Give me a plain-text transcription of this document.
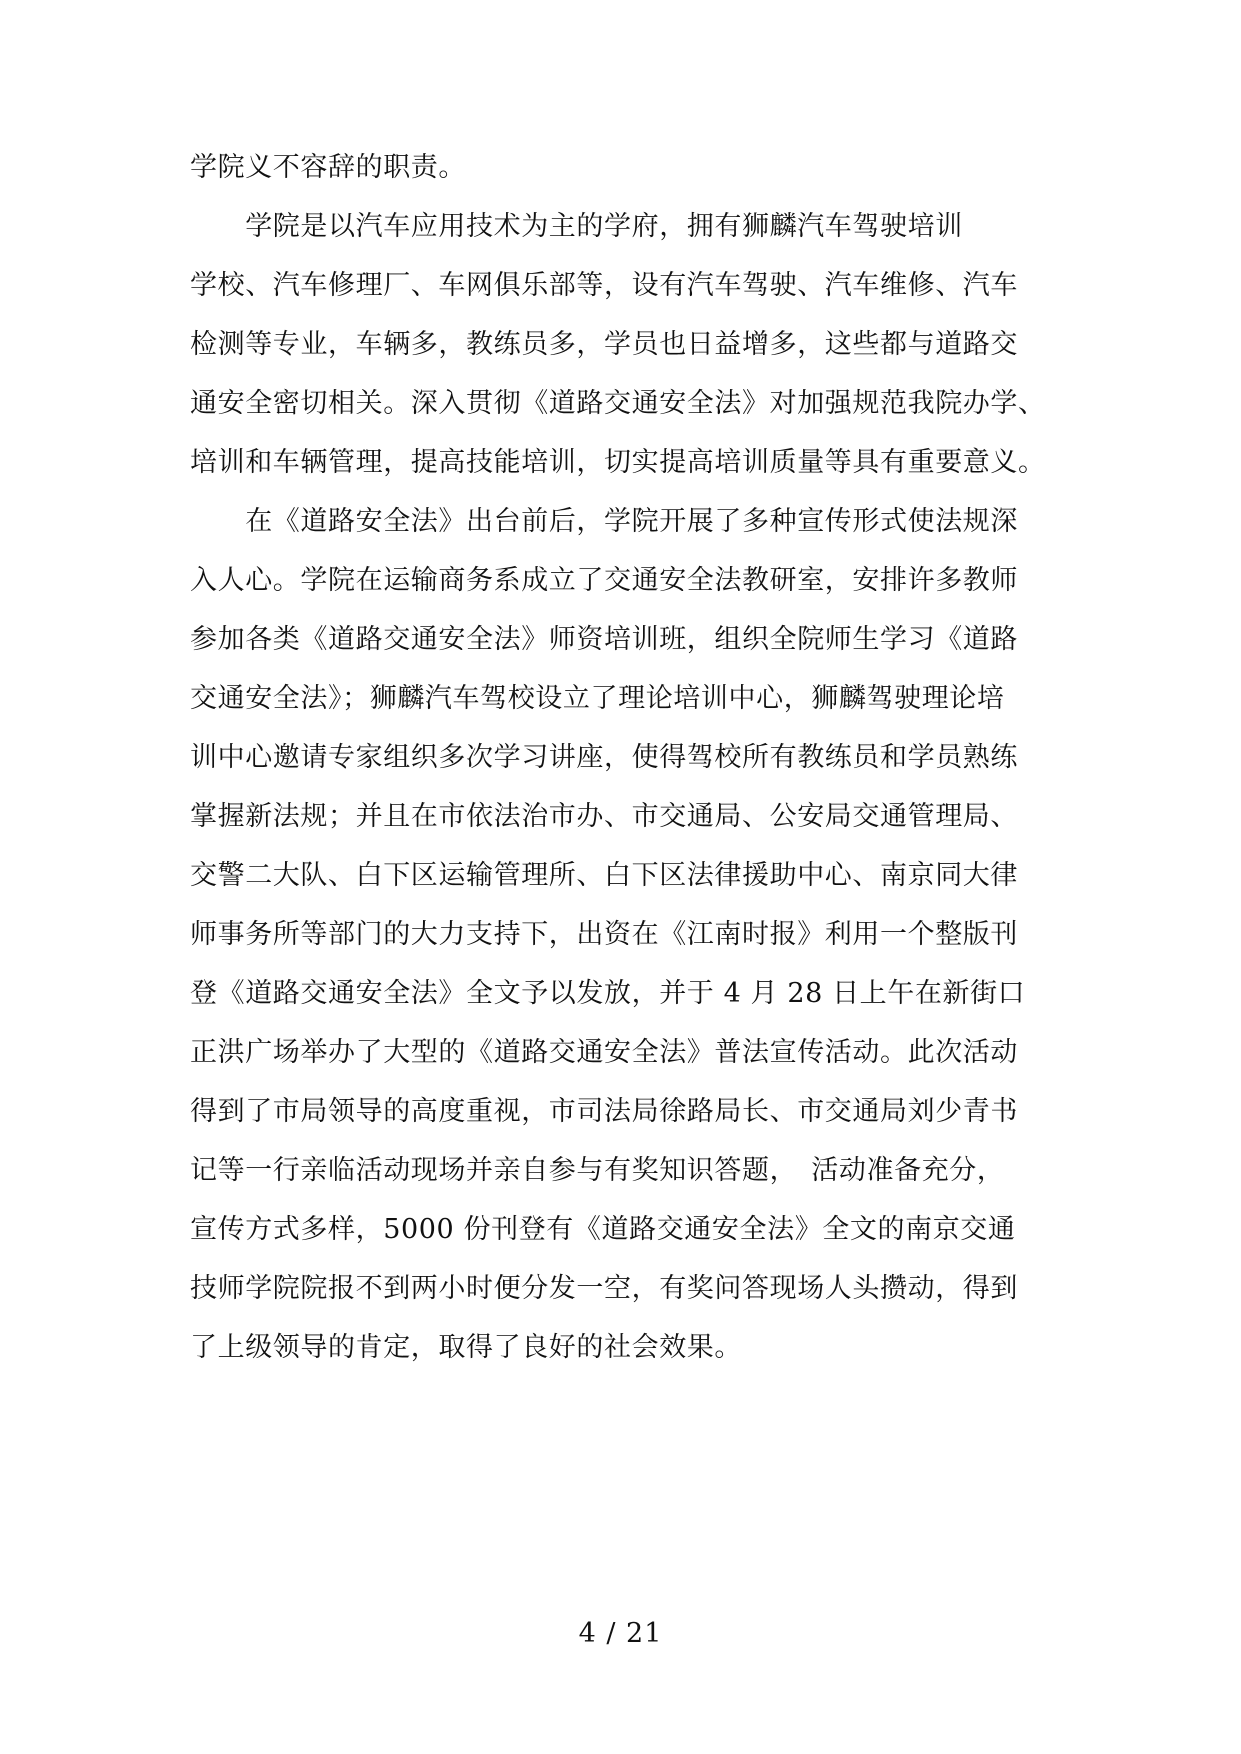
学院义不容辞的职责。
　　学院是以汽车应用技术为主的学府，拥有狮麟汽车驾驶培训
学校、汽车修理厂、车网俱乐部等，设有汽车驾驶、汽车维修、汽车
检测等专业，车辆多，教练员多，学员也日益增多，这些都与道路交
通安全密切相关。深入贯彻《道路交通安全法》对加强规范我院办学、
培训和车辆管理，提高技能培训，切实提高培训质量等具有重要意义。
　　在《道路安全法》出台前后，学院开展了多种宣传形式使法规深
入人心。学院在运输商务系成立了交通安全法教研室，安排许多教师
参加各类《道路交通安全法》师资培训班，组织全院师生学习《道路
交通安全法》；狮麟汽车驾校设立了理论培训中心，狮麟驾驶理论培
训中心邀请专家组织多次学习讲座，使得驾校所有教练员和学员熟练
掌握新法规；并且在市依法治市办、市交通局、公安局交通管理局、
交警二大队、白下区运输管理所、白下区法律援助中心、南京同大律
师事务所等部门的大力支持下，出资在《江南时报》利用一个整版刊
登《道路交通安全法》全文予以发放，并于 4 月 28 日上午在新街口
正洪广场举办了大型的《道路交通安全法》普法宣传活动。此次活动
得到了市局领导的高度重视，市司法局徐路局长、市交通局刘少青书
记等一行亲临活动现场并亲自参与有奖知识答题，　活动准备充分，
宣传方式多样，5000 份刊登有《道路交通安全法》全文的南京交通
技师学院院报不到两小时便分发一空，有奖问答现场人头攒动，得到
了上级领导的肯定，取得了良好的社会效果。
4 / 21
